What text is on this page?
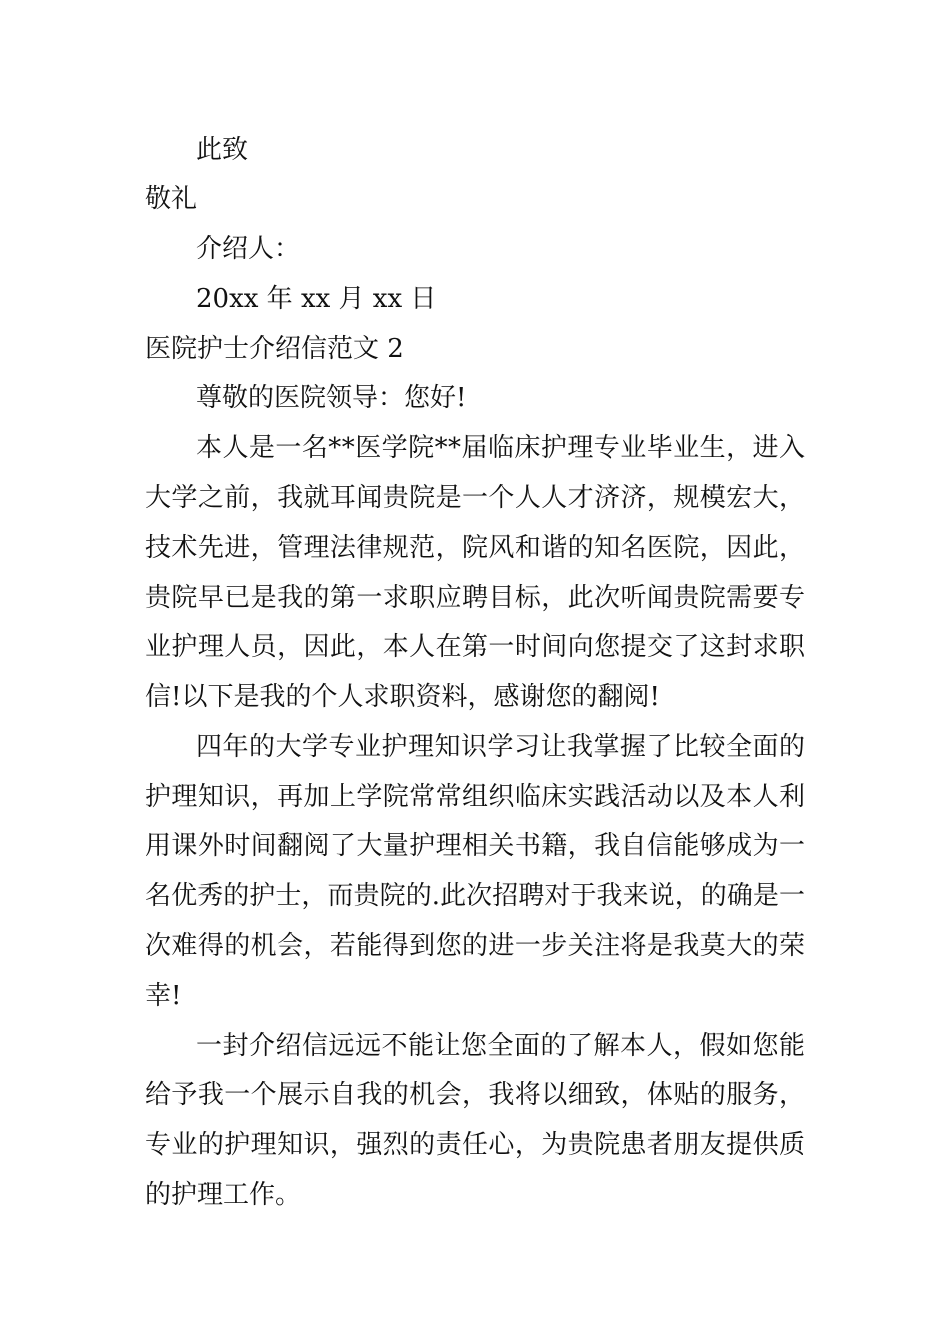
此致
敬礼
介绍人：
20xx 年 xx 月 xx 日
医院护士介绍信范文 2
尊敬的医院领导：您好!
本人是一名**医学院**届临床护理专业毕业生，进入
大学之前，我就耳闻贵院是一个人人才济济，规模宏大，
技术先进，管理法律规范，院风和谐的知名医院，因此，
贵院早已是我的第一求职应聘目标，此次听闻贵院需要专
业护理人员，因此，本人在第一时间向您提交了这封求职
信!以下是我的个人求职资料，感谢您的翻阅!
四年的大学专业护理知识学习让我掌握了比较全面的
护理知识，再加上学院常常组织临床实践活动以及本人利
用课外时间翻阅了大量护理相关书籍，我自信能够成为一
名优秀的护士，而贵院的.此次招聘对于我来说，的确是一
次难得的机会，若能得到您的进一步关注将是我莫大的荣
幸!
一封介绍信远远不能让您全面的了解本人，假如您能
给予我一个展示自我的机会，我将以细致，体贴的服务，
专业的护理知识，强烈的责任心，为贵院患者朋友提供质
的护理工作。
